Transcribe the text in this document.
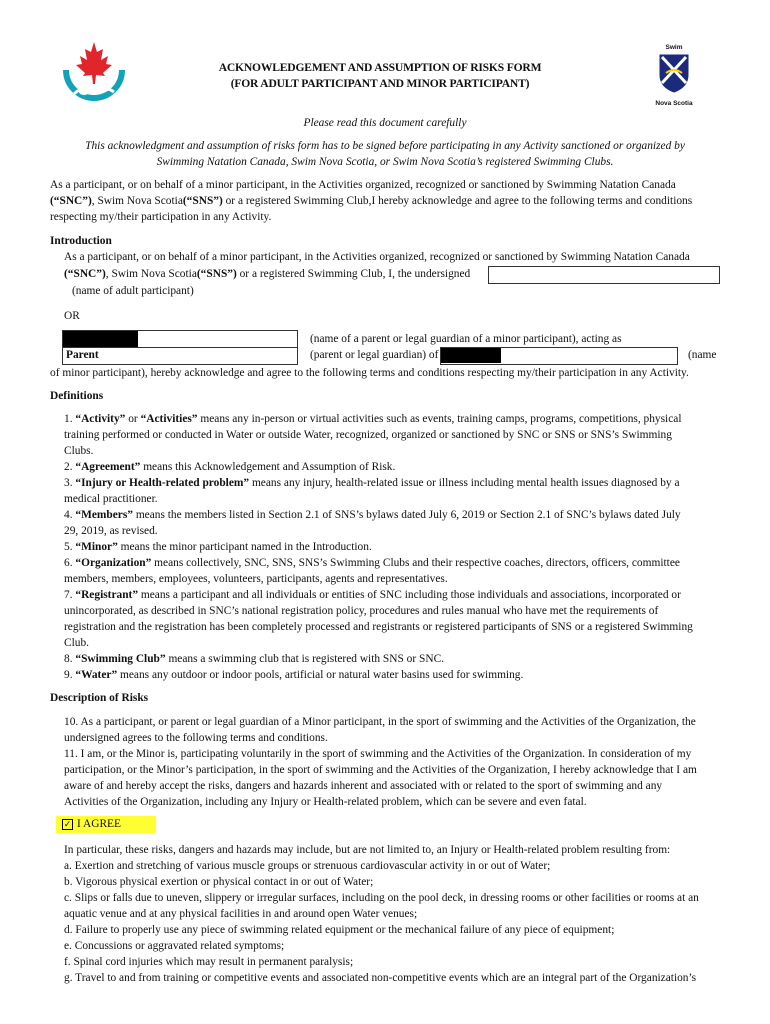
Swim
Nova Scotia
ACKNOWLEDGEMENT AND ASSUMPTION OF RISKS FORM
(FOR ADULT PARTICIPANT AND MINOR PARTICIPANT)
Please read this document carefully
This acknowledgment and assumption of risks form has to be signed before participating in any Activity sanctioned or organized by
Swimming Natation Canada, Swim Nova Scotia, or Swim Nova Scotia’s registered Swimming Clubs.
As a participant, or on behalf of a minor participant, in the Activities organized, recognized or sanctioned by Swimming Natation Canada
(“SNC”), Swim Nova Scotia(“SNS”) or a registered Swimming Club,I hereby acknowledge and agree to the following terms and conditions
respecting my/their participation in any Activity.
Introduction
As a participant, or on behalf of a minor participant, in the Activities organized, recognized or sanctioned by Swimming Natation Canada
(“SNC”), Swim Nova Scotia(“SNS”) or a registered Swimming Club, I, the undersigned
(name of adult participant)
OR
(name of a parent or legal guardian of a minor participant), acting as
Parent	(parent or legal guardian) of	(name
of minor participant), hereby acknowledge and agree to the following terms and conditions respecting my/their participation in any Activity.
Definitions
1. “Activity” or “Activities” means any in-person or virtual activities such as events, training camps, programs, competitions, physical
training performed or conducted in Water or outside Water, recognized, organized or sanctioned by SNC or SNS or SNS’s Swimming
Clubs.
2. “Agreement” means this Acknowledgement and Assumption of Risk.
3. “Injury or Health-related problem” means any injury, health-related issue or illness including mental health issues diagnosed by a
medical practitioner.
4. “Members” means the members listed in Section 2.1 of SNS’s bylaws dated July 6, 2019 or Section 2.1 of SNC’s bylaws dated July
29, 2019, as revised.
5. “Minor” means the minor participant named in the Introduction.
6. “Organization” means collectively, SNC, SNS, SNS’s Swimming Clubs and their respective coaches, directors, officers, committee
members, members, employees, volunteers, participants, agents and representatives.
7. “Registrant” means a participant and all individuals or entities of SNC including those individuals and associations, incorporated or
unincorporated, as described in SNC’s national registration policy, procedures and rules manual who have met the requirements of
registration and the registration has been completely processed and registrants or registered participants of SNS or a registered Swimming
Club.
8. “Swimming Club” means a swimming club that is registered with SNS or SNC.
9. “Water” means any outdoor or indoor pools, artificial or natural water basins used for swimming.
Description of Risks
10. As a participant, or parent or legal guardian of a Minor participant, in the sport of swimming and the Activities of the Organization, the
undersigned agrees to the following terms and conditions.
11. I am, or the Minor is, participating voluntarily in the sport of swimming and the Activities of the Organization. In consideration of my
participation, or the Minor’s participation, in the sport of swimming and the Activities of the Organization, I hereby acknowledge that I am
aware of and hereby accept the risks, dangers and hazards inherent and associated with or related to the sport of swimming and any
Activities of the Organization, including any Injury or Health-related problem, which can be severe and even fatal.
✓ I AGREE
In particular, these risks, dangers and hazards may include, but are not limited to, an Injury or Health-related problem resulting from:
a. Exertion and stretching of various muscle groups or strenuous cardiovascular activity in or out of Water;
b. Vigorous physical exertion or physical contact in or out of Water;
c. Slips or falls due to uneven, slippery or irregular surfaces, including on the pool deck, in dressing rooms or other facilities or rooms at an
aquatic venue and at any physical facilities in and around open Water venues;
d. Failure to properly use any piece of swimming related equipment or the mechanical failure of any piece of equipment;
e. Concussions or aggravated related symptoms;
f. Spinal cord injuries which may result in permanent paralysis;
g. Travel to and from training or competitive events and associated non-competitive events which are an integral part of the Organization’s
